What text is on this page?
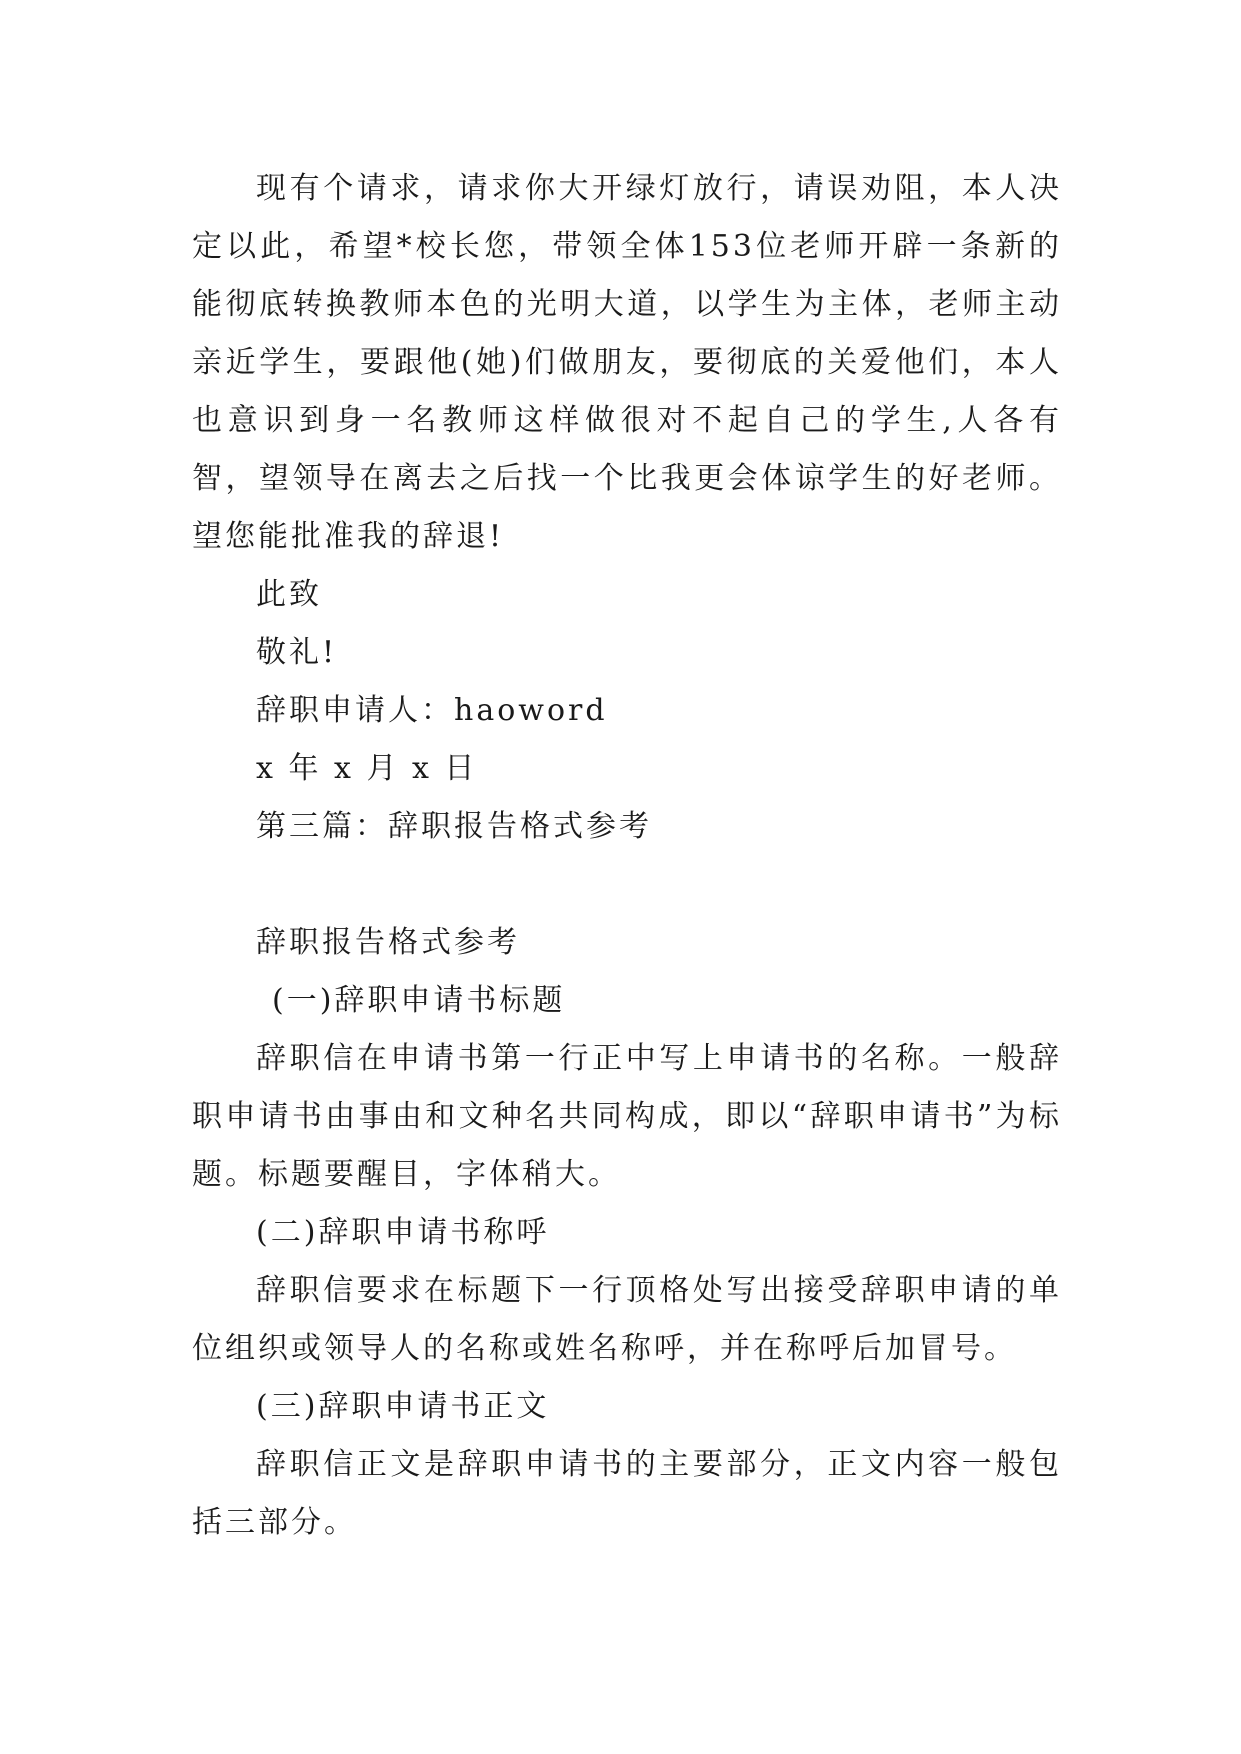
现有个请求，请求你大开绿灯放行，请误劝阻，本人决定以此，希望*校长您，带领全体153位老师开辟一条新的能彻底转换教师本色的光明大道，以学生为主体，老师主动亲近学生，要跟他(她)们做朋友，要彻底的关爱他们，本人也意识到身一名教师这样做很对不起自己的学生,人各有智，望领导在离去之后找一个比我更会体谅学生的好老师。望您能批准我的辞退!

此致

敬礼!

辞职申请人：haoword

x 年 x 月 x 日

第三篇：辞职报告格式参考

辞职报告格式参考

(一)辞职申请书标题

辞职信在申请书第一行正中写上申请书的名称。一般辞职申请书由事由和文种名共同构成，即以“辞职申请书”为标题。标题要醒目，字体稍大。

(二)辞职申请书称呼

辞职信要求在标题下一行顶格处写出接受辞职申请的单位组织或领导人的名称或姓名称呼，并在称呼后加冒号。

(三)辞职申请书正文

辞职信正文是辞职申请书的主要部分，正文内容一般包括三部分。
